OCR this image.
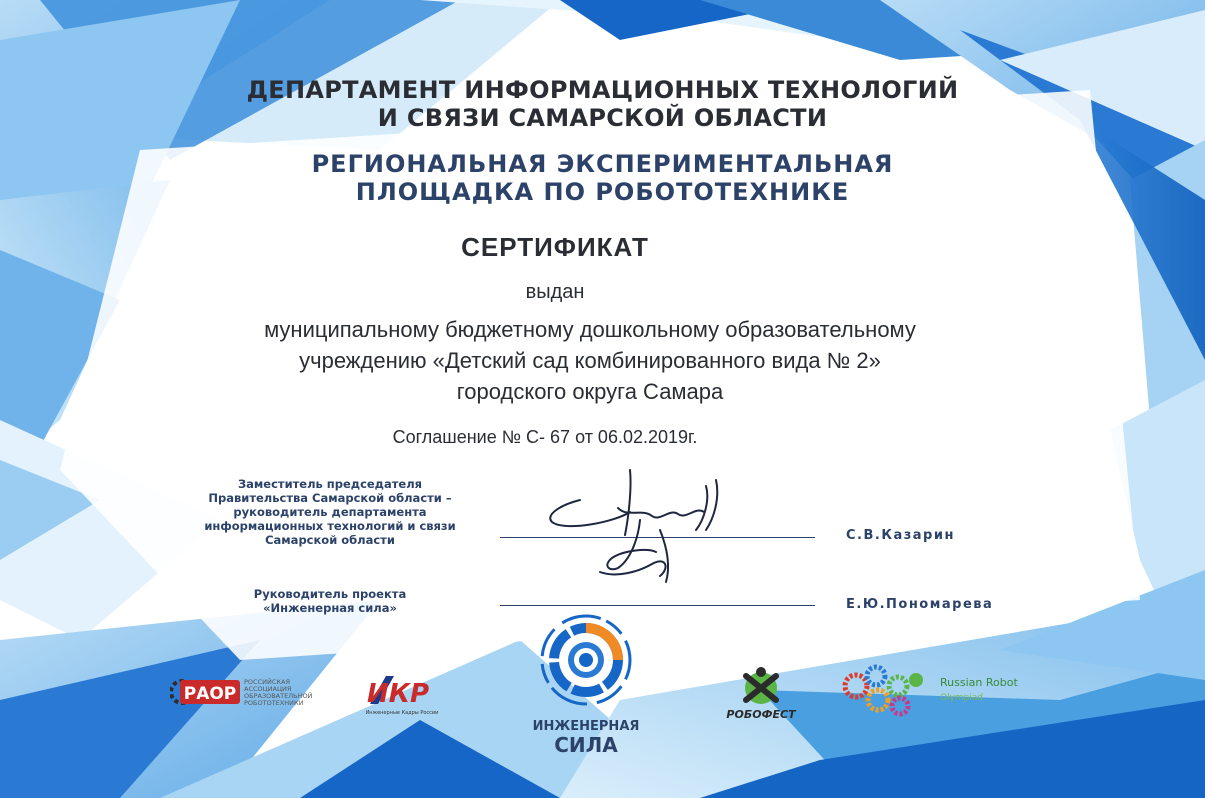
ДЕПАРТАМЕНТ ИНФОРМАЦИОННЫХ ТЕХНОЛОГИЙ
И СВЯЗИ САМАРСКОЙ ОБЛАСТИ
РЕГИОНАЛЬНАЯ ЭКСПЕРИМЕНТАЛЬНАЯ
ПЛОЩАДКА ПО РОБОТОТЕХНИКЕ
СЕРТИФИКАТ
выдан
муниципальному бюджетному дошкольному образовательному
учреждению «Детский сад комбинированного вида № 2»
городского округа Самара
Соглашение № С- 67 от 06.02.2019г.
Заместитель председателя
Правительства Самарской области –
руководитель департамента
информационных технологий и связи
Самарской области	С.В.Казарин
Руководитель проекта
«Инженерная сила»	Е.Ю.Пономарева
РАОР
РОССИЙСКАЯ
АССОЦИАЦИЯ
ОБРАЗОВАТЕЛЬНОЙ
РОБОТОТЕХНИКИ ИКР
Инженерные Кадры России
ИНЖЕНЕРНАЯ
СИЛА
РОБОФЕСТ
Russian Robot
Olympiad
